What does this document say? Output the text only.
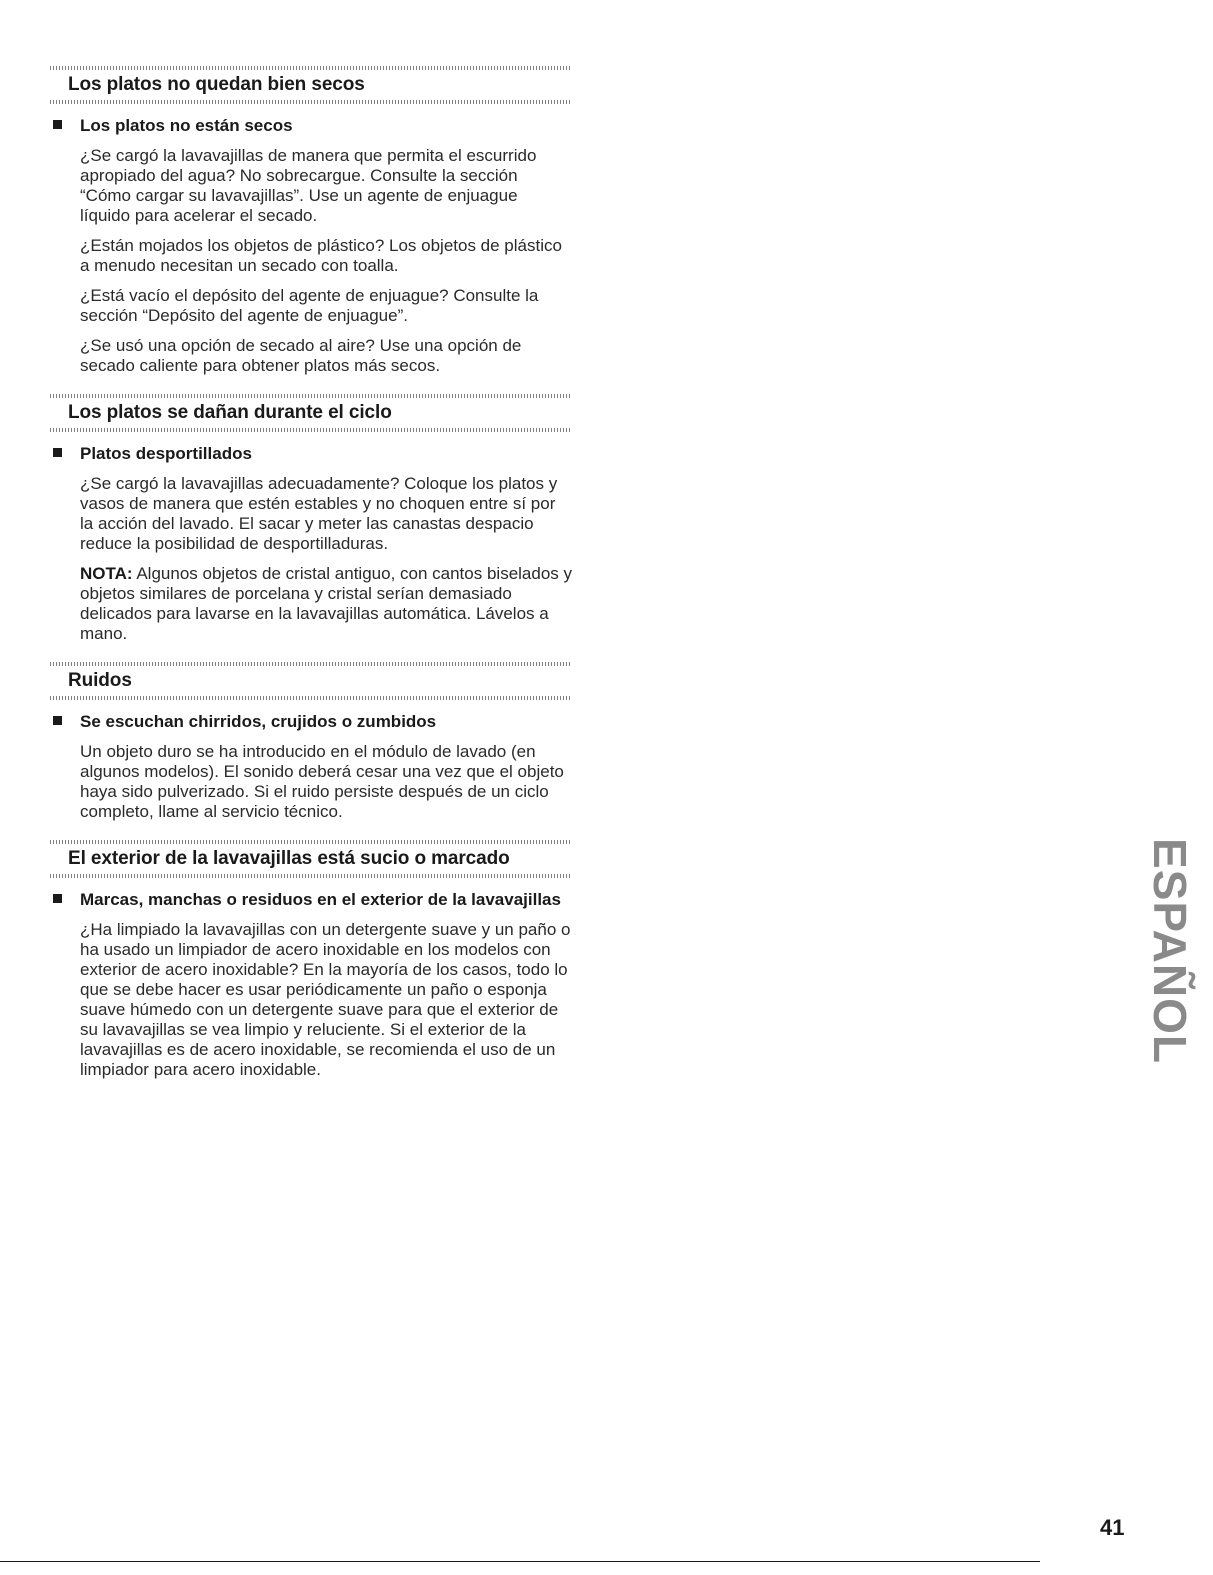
Los platos no quedan bien secos
Los platos no están secos

¿Se cargó la lavavajillas de manera que permita el escurrido apropiado del agua? No sobrecargue. Consulte la sección “Cómo cargar su lavavajillas”. Use un agente de enjuague líquido para acelerar el secado.

¿Están mojados los objetos de plástico? Los objetos de plástico a menudo necesitan un secado con toalla.

¿Está vacío el depósito del agente de enjuague? Consulte la sección “Depósito del agente de enjuague”.

¿Se usó una opción de secado al aire? Use una opción de secado caliente para obtener platos más secos.

Los platos se dañan durante el ciclo
Platos desportillados

¿Se cargó la lavavajillas adecuadamente? Coloque los platos y vasos de manera que estén estables y no choquen entre sí por la acción del lavado. El sacar y meter las canastas despacio reduce la posibilidad de desportilladuras.

NOTA: Algunos objetos de cristal antiguo, con cantos biselados y objetos similares de porcelana y cristal serían demasiado delicados para lavarse en la lavavajillas automática. Lávelos a mano.

Ruidos
Se escuchan chirridos, crujidos o zumbidos

Un objeto duro se ha introducido en el módulo de lavado (en algunos modelos). El sonido deberá cesar una vez que el objeto haya sido pulverizado. Si el ruido persiste después de un ciclo completo, llame al servicio técnico.

El exterior de la lavavajillas está sucio o marcado
Marcas, manchas o residuos en el exterior de la lavavajillas

¿Ha limpiado la lavavajillas con un detergente suave y un paño o ha usado un limpiador de acero inoxidable en los modelos con exterior de acero inoxidable? En la mayoría de los casos, todo lo que se debe hacer es usar periódicamente un paño o esponja suave húmedo con un detergente suave para que el exterior de su lavavajillas se vea limpio y reluciente. Si el exterior de la lavavajillas es de acero inoxidable, se recomienda el uso de un limpiador para acero inoxidable.

ESPAÑOL
41
